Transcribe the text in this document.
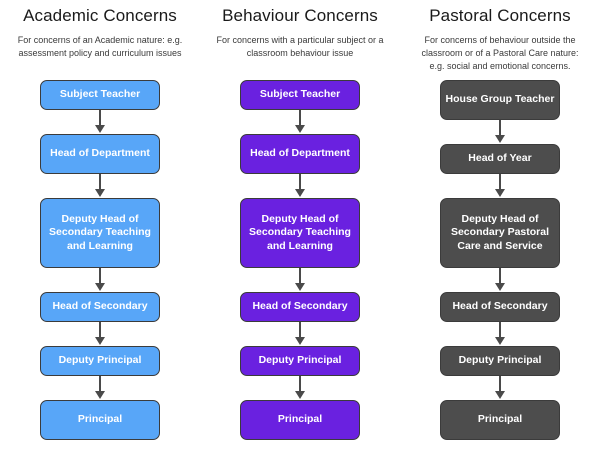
Academic Concerns
For concerns of an Academic nature: e.g. assessment policy and curriculum issues
Subject Teacher
Head of Department
Deputy Head of Secondary Teaching and Learning
Head of Secondary
Deputy Principal
Principal
Behaviour Concerns
For concerns with a particular subject or a classroom behaviour issue
Subject Teacher
Head of Department
Deputy Head of Secondary Teaching and Learning
Head of Secondary
Deputy Principal
Principal
Pastoral Concerns
For concerns of behaviour outside the classroom or of a Pastoral Care nature: e.g. social and emotional concerns.
House Group Teacher
Head of Year
Deputy Head of Secondary Pastoral Care and Service
Head of Secondary
Deputy Principal
Principal
